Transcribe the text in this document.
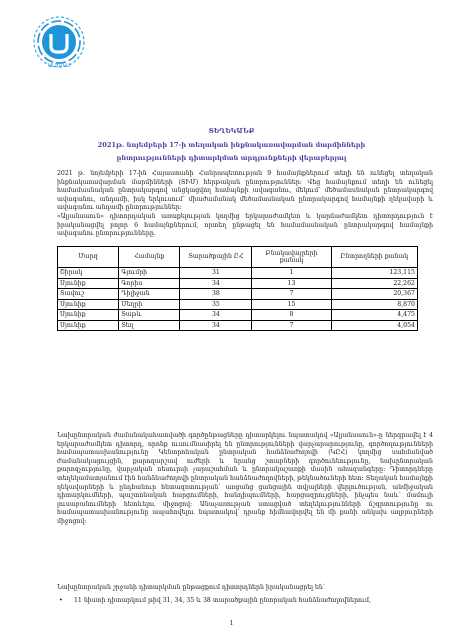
ԱԼՅԱՆՍ
ՏԵՂԵԿԱՆՔ
2021թ. նոյեմբերի 17-ի տեղական ինքնակառավարման մարմինների
ընտրությունների դիտարկման արդյունքների վերաբերյալ

2021 թ. նոյեմբերի 17-ին Հայաստանի Հանրապետության 9 համայնքներում տեղի են ունեցել տեղական ինքնակառավարման մարմինների (ՏԻՄ) հերթական ընտրություններ: Վեց համայնքում տեղի են ունեցել համամասնական ընտրակարգով անցկացվող համայնքի ավագանու, մեկում՝ մեծամասնական ընտրակարգով ավագանու, անդամի, իսկ երկուսում՝ միաժամանակ մեծամասնական ընտրակարգով համայնքի ղեկավարի և ավագանու անդամի ընտրություններ:

«Ալյանսաուն» դիտորդական առաքելության կողմից երկարաժամկետ և կարճաժամկետ դիտորդություն է իրականացվել բոլոր 6 համայնքներում, որտեղ ընթացել են համամասնական ընտրակարգով համայնքի ավագանու ընտրությունները.

Մարզ	Համայնք	Տարածքային ԸՀ	Բնակավայրերի քանակ	Ընտրողների քանակ
Շիրակ	Գյումրի	31	1	123,115
Սյունիք	Գորիս	34	13	22,262
Տավուշ	Դիլիջան	38	7	20,367
Սյունիք	Մեղրի	35	15	8,870
Սյունիք	Տաթև	34	8	4,475
Սյունիք	Տեղ	34	7	4,054

Նախընտրական ժամանակահատվածի գործընթացները դիտարկելու նպատակով «Ալյանսաուն»-ը ներգրավել է 4 երկարաժամկետ դիտորդ, որոնք ուսումնասիրել են ընտրությունների վարչարարությունը, գործողությունների համապատասխանությունը Կենտրոնական ընտրական հանձնաժողովի (ԿԸՀ) կողմից սահմանված ժամանակացույցին, քարոզարշավ ուժերի և նրանց շտաբների գործունեությունը, նախընտրական քարոզչությունը, վարչական ռեսուրսի չարաշահման և ընտրակաշառքի մասին ահազանգերը: Դիտորդները տեղեկամատյանում էին հանձնաժողովի ընտրական հանձնաժողովների, թեկնածուների հետ: Տեղական համայնքի ղեկավարների և ընդհանուր հետազոտության՝ առցանց ցանցային տվյալների վերլուծության, անմիջական դիտարկումների, պաշտոնական հարցումների, հանդիպումների, հարցազրույցների, ինչպես նաև՝ մամուլի լուսաբանումների հետևելու միջոցով: Անաչառության ստացված տեղեկությունների ճշգրտությունը ու համապատասխանությունը ապահովելու նպատակով՝ դրանք հիմնավորվել են մի քանի անկախ աղբյուրների միջոցով:

Նախընտրական շրջանի դիտարկման ընթացքում դիտորդներն իրականացրել են՝

• 11 նիստի դիտարկում թիվ 31, 34, 35 և 38 տարածքային ընտրական հանձնաժողովներում,
1
